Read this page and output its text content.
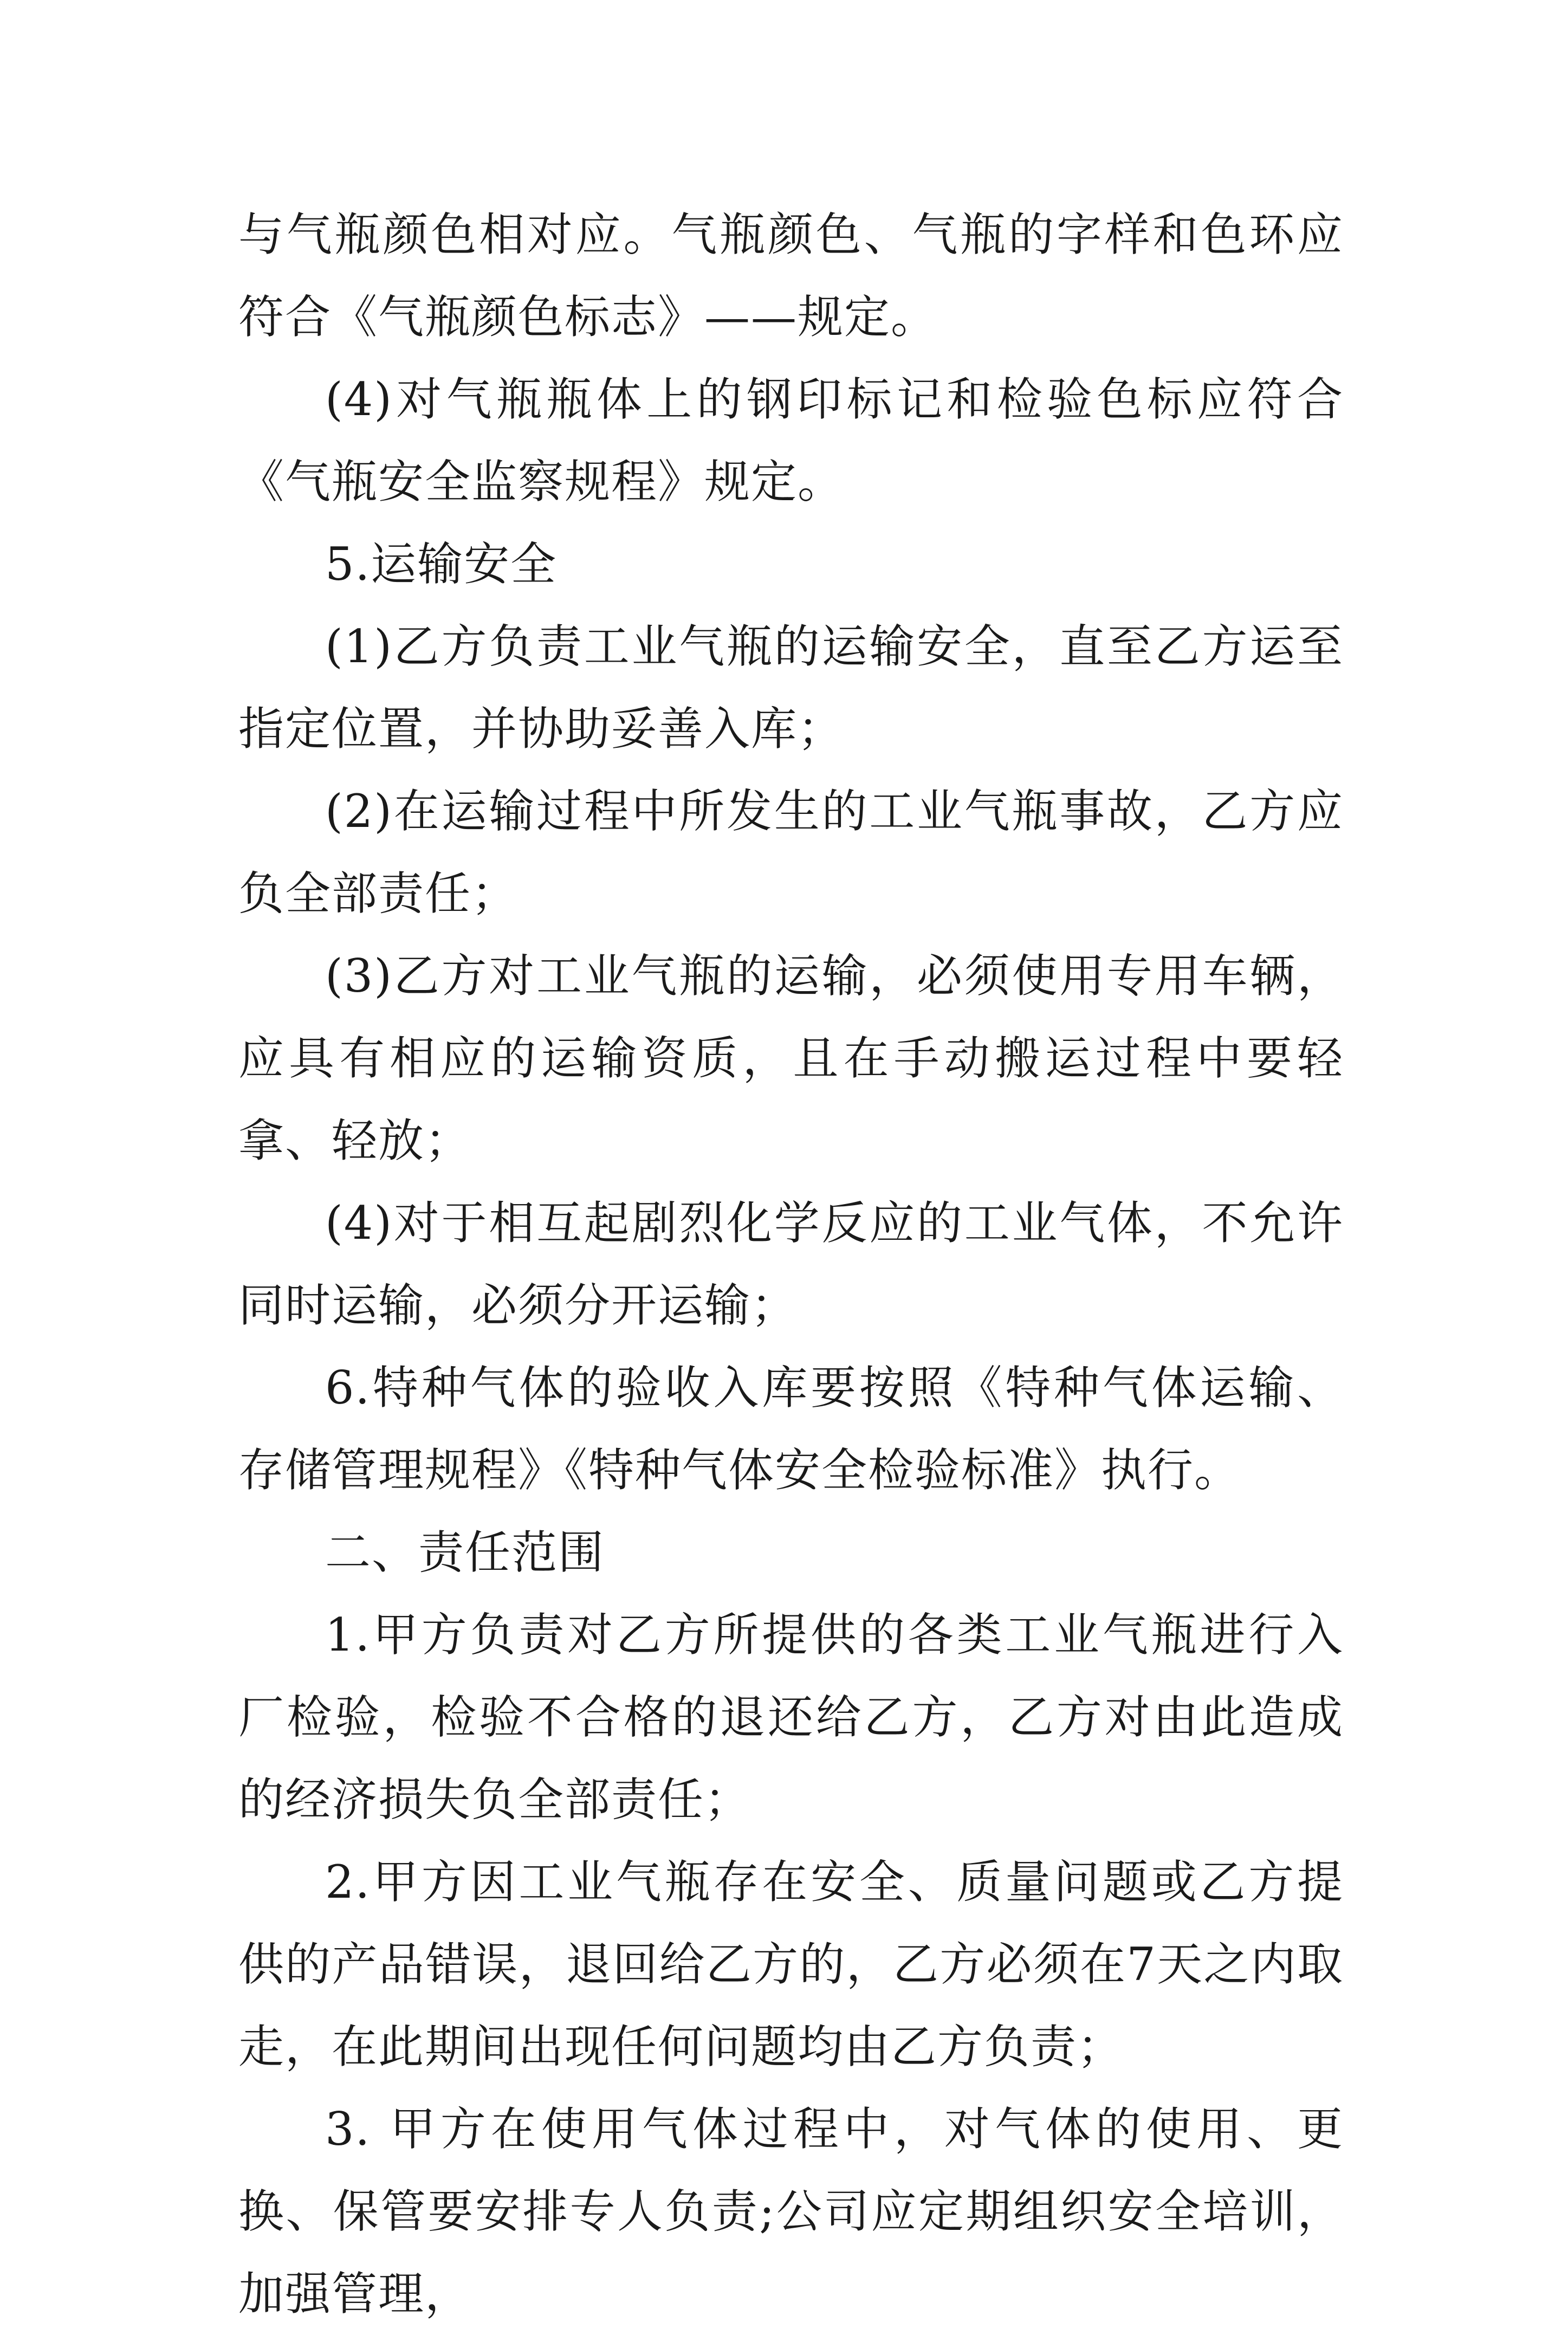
与气瓶颜色相对应。气瓶颜色、气瓶的字样和色环应符合《气瓶颜色标志》——规定。

(4)对气瓶瓶体上的钢印标记和检验色标应符合《气瓶安全监察规程》规定。

5.运输安全

(1)乙方负责工业气瓶的运输安全，直至乙方运至指定位置，并协助妥善入库；

(2)在运输过程中所发生的工业气瓶事故，乙方应负全部责任；

(3)乙方对工业气瓶的运输，必须使用专用车辆，应具有相应的运输资质，且在手动搬运过程中要轻拿、轻放；

(4)对于相互起剧烈化学反应的工业气体，不允许同时运输，必须分开运输；

6.特种气体的验收入库要按照《特种气体运输、存储管理规程》《特种气体安全检验标准》执行。

二、责任范围

1.甲方负责对乙方所提供的各类工业气瓶进行入厂检验，检验不合格的退还给乙方，乙方对由此造成的经济损失负全部责任；

2.甲方因工业气瓶存在安全、质量问题或乙方提供的产品错误，退回给乙方的，乙方必须在7天之内取走，在此期间出现任何问题均由乙方负责；

3. 甲方在使用气体过程中，对气体的使用、更换、保管要安排专人负责;公司应定期组织安全培训，加强管理，
